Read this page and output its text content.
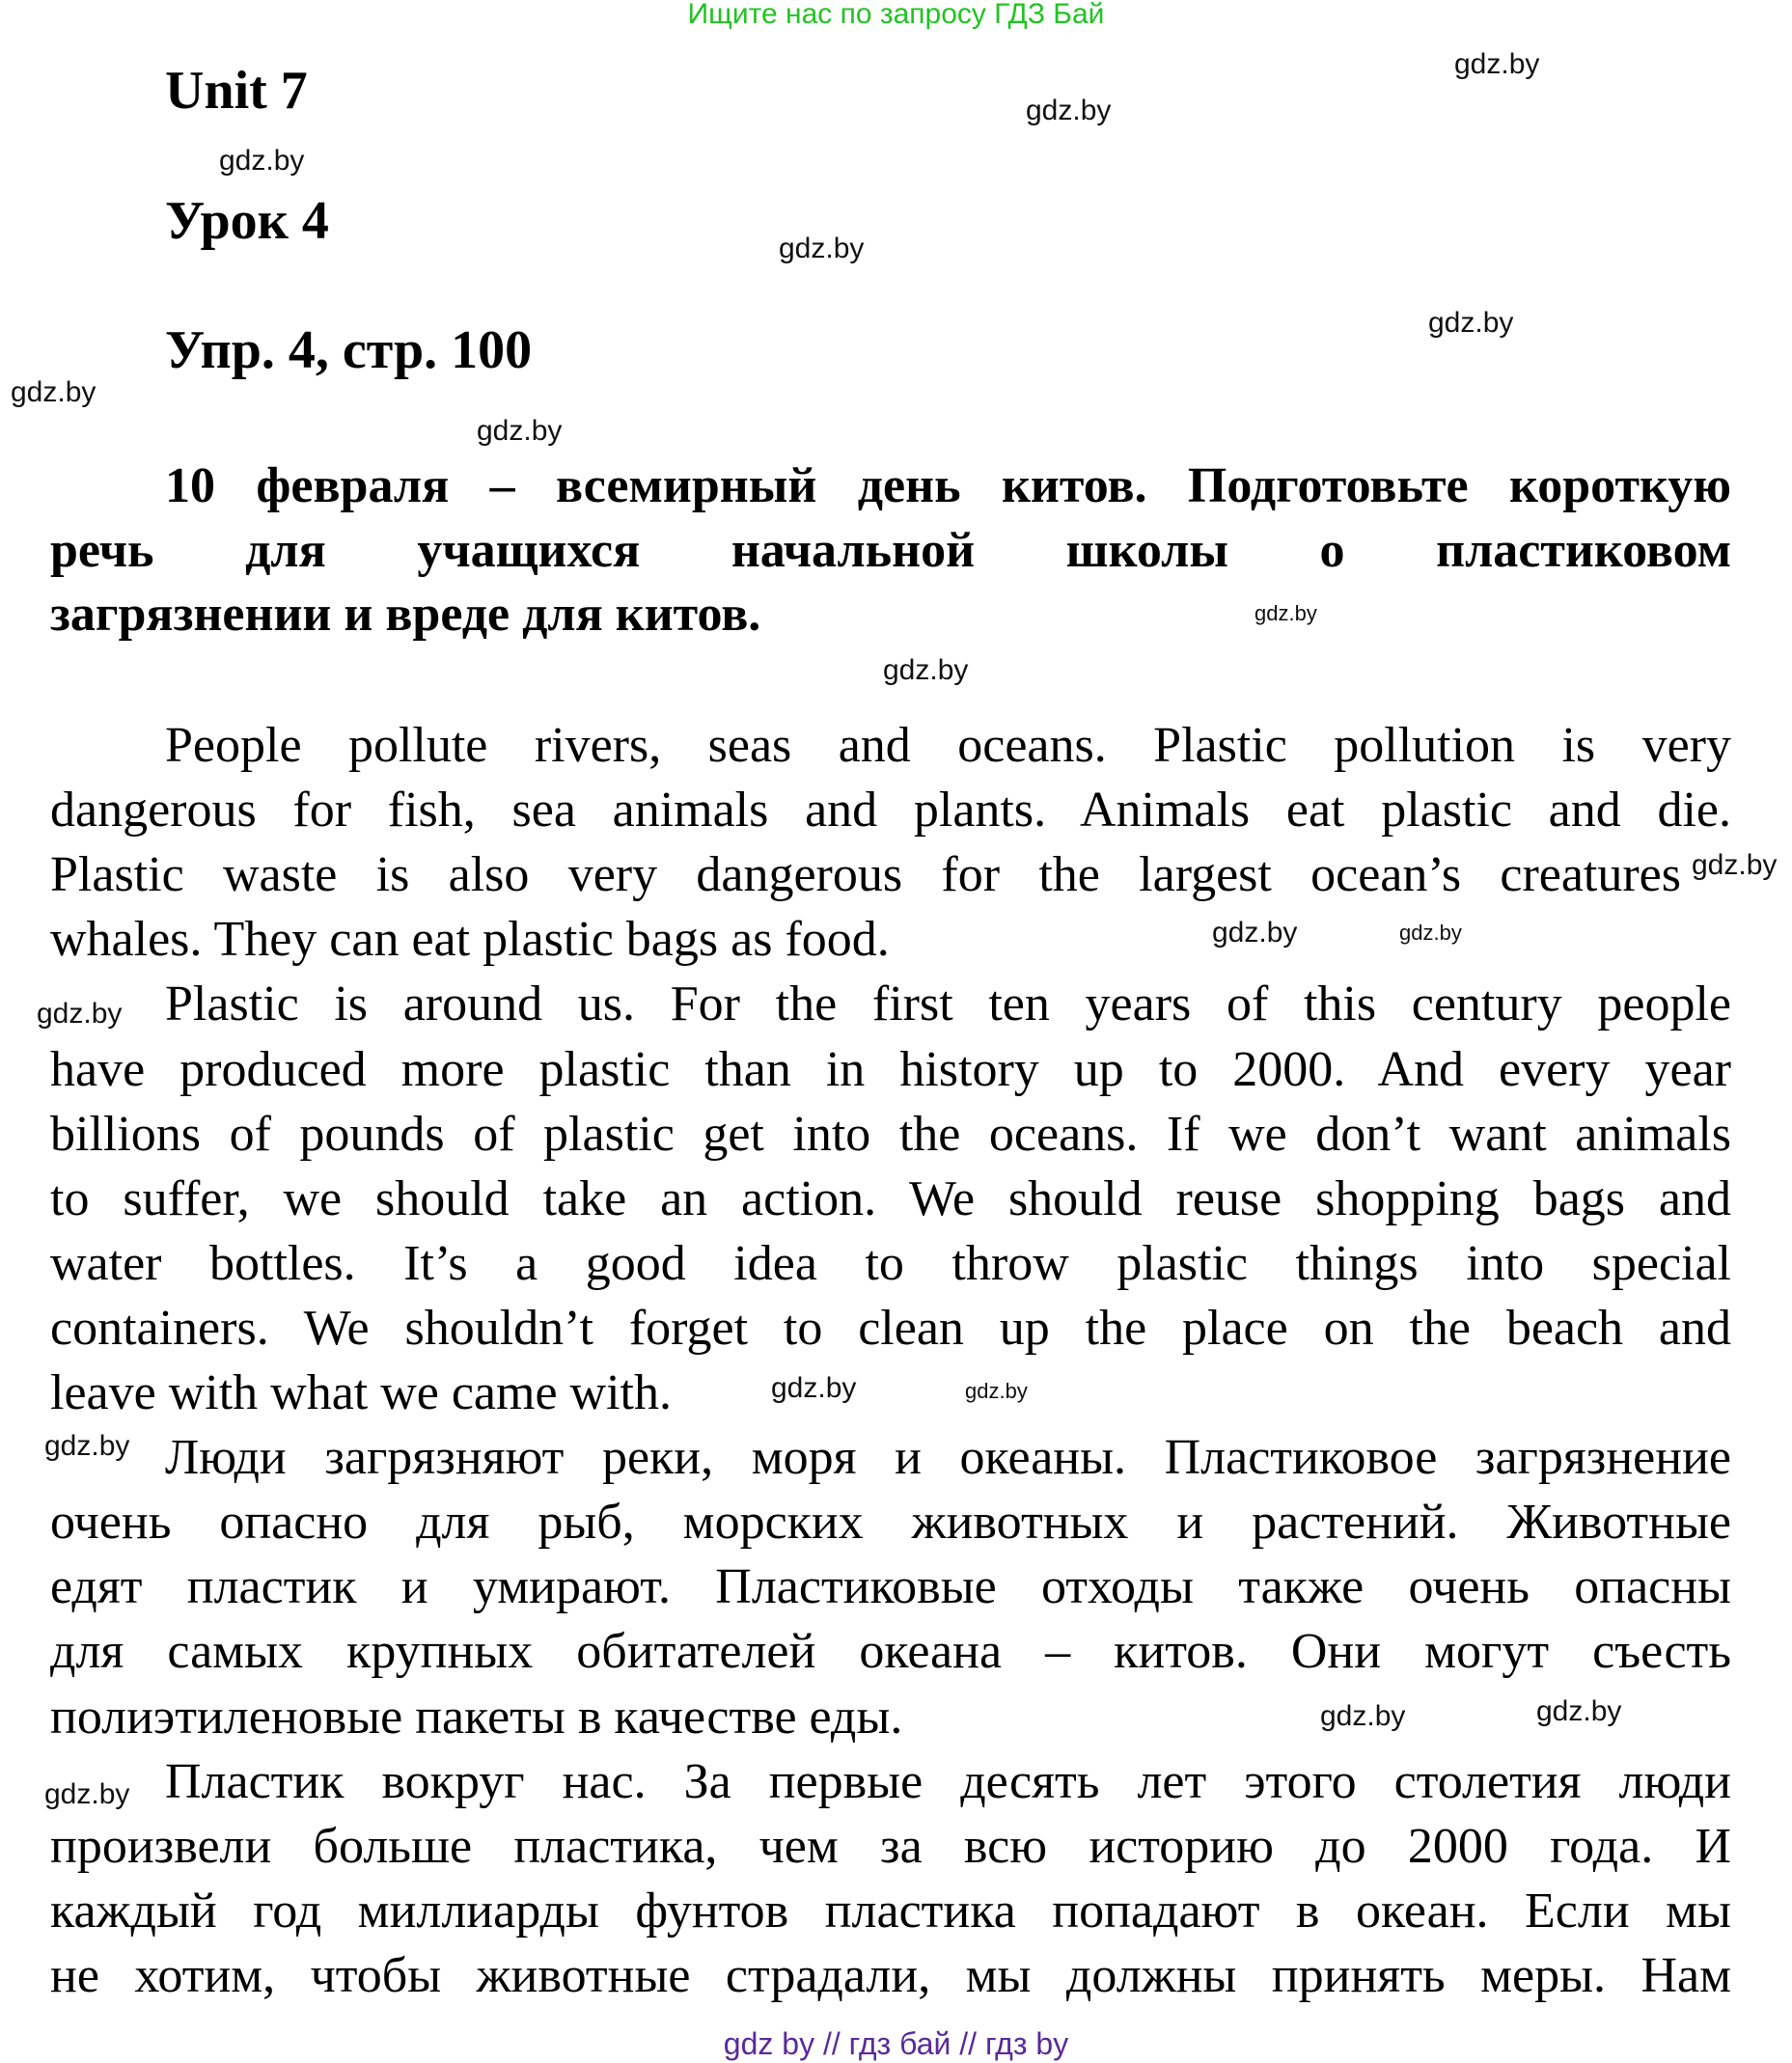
Ищите нас по запросу ГДЗ Бай
Unit 7
Урок 4
Упр. 4, стр. 100
10 февраля – всемирный день китов. Подготовьте короткую
речь для учащихся начальной школы о пластиковом
загрязнении и вреде для китов.
People pollute rivers, seas and oceans. Plastic pollution is very
dangerous for fish, sea animals and plants. Animals eat plastic and die.
Plastic waste is also very dangerous for the largest ocean’s creatures
whales. They can eat plastic bags as food.
Plastic is around us. For the first ten years of this century people
have produced more plastic than in history up to 2000. And every year
billions of pounds of plastic get into the oceans. If we don’t want animals
to suffer, we should take an action. We should reuse shopping bags and
water bottles. It’s a good idea to throw plastic things into special
containers. We shouldn’t forget to clean up the place on the beach and
leave with what we came with.
Люди загрязняют реки, моря и океаны. Пластиковое загрязнение
очень опасно для рыб, морских животных и растений. Животные
едят пластик и умирают. Пластиковые отходы также очень опасны
для самых крупных обитателей океана – китов. Они могут съесть
полиэтиленовые пакеты в качестве еды.
Пластик вокруг нас. За первые десять лет этого столетия люди
произвели больше пластика, чем за всю историю до 2000 года. И
каждый год миллиарды фунтов пластика попадают в океан. Если мы
не хотим, чтобы животные страдали, мы должны принять меры. Нам
gdz.by
gdz.by
gdz.by
gdz.by
gdz.by
gdz.by
gdz.by
gdz.by
gdz.by
gdz.by
gdz.by
gdz.by
gdz.by
gdz.by
gdz.by	gdz.by
gdz.by
gdz.by
gdz.by
gdz by // гдз бай // гдз by
